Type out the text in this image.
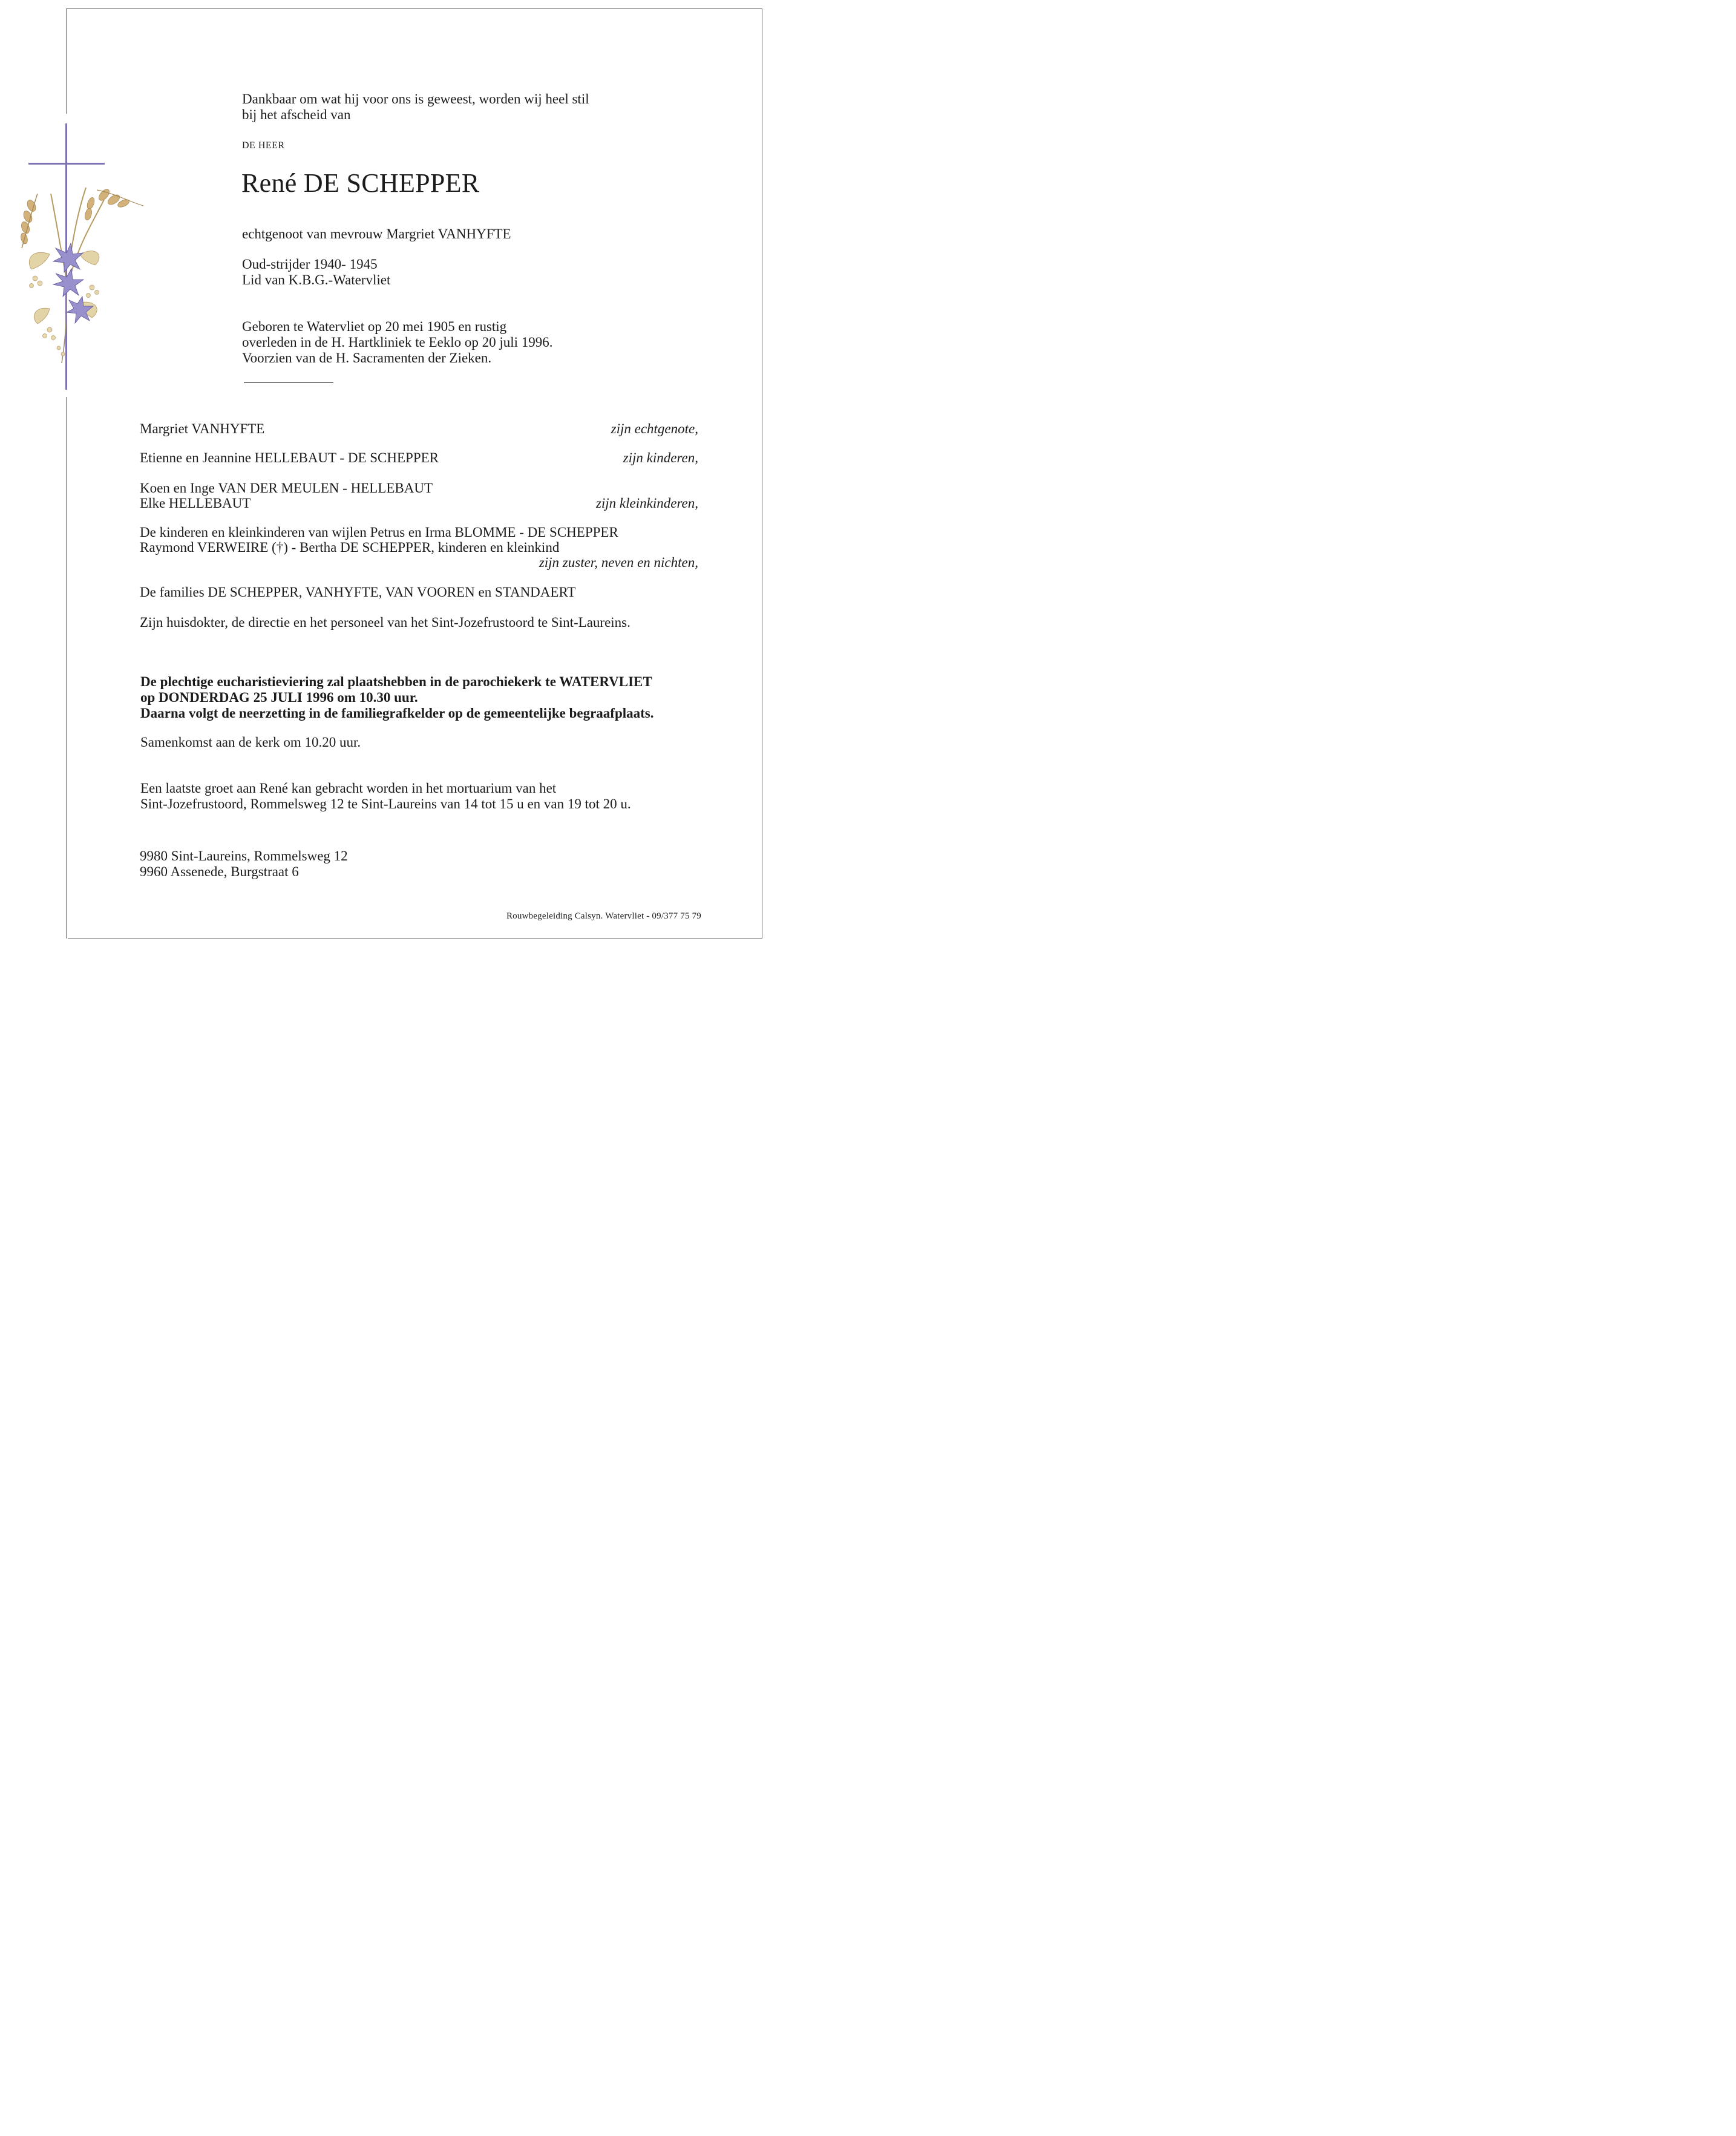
Dankbaar om wat hij voor ons is geweest, worden wij heel stil
bij het afscheid van
DE HEER
René DE SCHEPPER
echtgenoot van mevrouw Margriet VANHYFTE
Oud-strijder 1940- 1945
Lid van K.B.G.-Watervliet
Geboren te Watervliet op 20 mei 1905 en rustig
overleden in de H. Hartkliniek te Eeklo op 20 juli 1996.
Voorzien van de H. Sacramenten der Zieken.
Margriet VANHYFTE	zijn echtgenote,
Etienne en Jeannine HELLEBAUT - DE SCHEPPER	zijn kinderen,
Koen en Inge VAN DER MEULEN - HELLEBAUT
Elke HELLEBAUT	zijn kleinkinderen,
De kinderen en kleinkinderen van wijlen Petrus en Irma BLOMME - DE SCHEPPER
Raymond VERWEIRE (†) - Bertha DE SCHEPPER, kinderen en kleinkind
zijn zuster, neven en nichten,
De families DE SCHEPPER, VANHYFTE, VAN VOOREN en STANDAERT
Zijn huisdokter, de directie en het personeel van het Sint-Jozefrustoord te Sint-Laureins.
De plechtige eucharistieviering zal plaatshebben in de parochiekerk te WATERVLIET
op DONDERDAG 25 JULI 1996 om 10.30 uur.
Daarna volgt de neerzetting in de familiegrafkelder op de gemeentelijke begraafplaats.
Samenkomst aan de kerk om 10.20 uur.
Een laatste groet aan René kan gebracht worden in het mortuarium van het
Sint-Jozefrustoord, Rommelsweg 12 te Sint-Laureins van 14 tot 15 u en van 19 tot 20 u.
9980 Sint-Laureins, Rommelsweg 12
9960 Assenede, Burgstraat 6
Rouwbegeleiding Calsyn. Watervliet - 09/377 75 79
